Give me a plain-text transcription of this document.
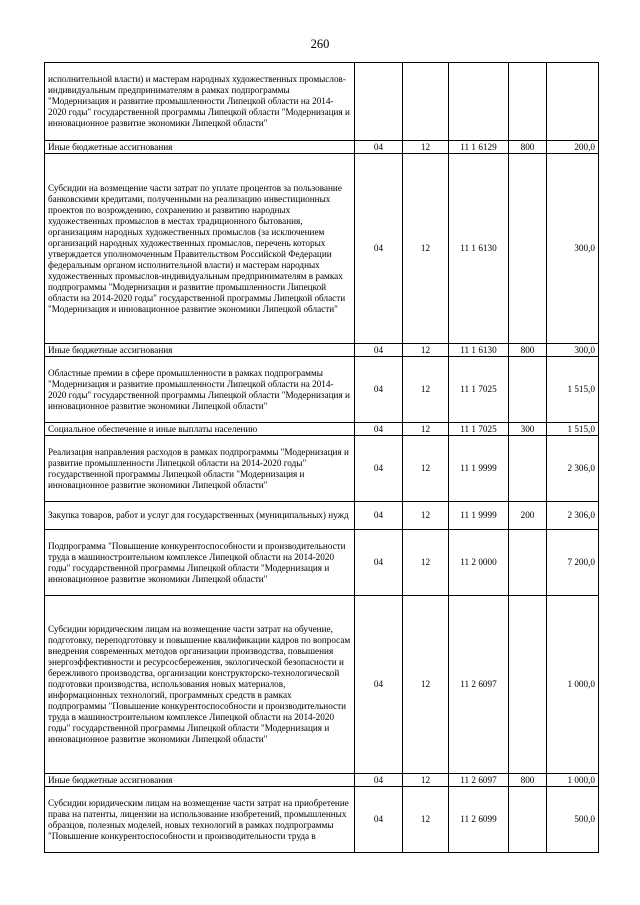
260
исполнительной власти) и мастерам народных художественных промыслов- индивидуальным предпринимателям в рамках подпрограммы "Модернизация и развитие промышленности Липецкой области на 2014-2020 годы" государственной программы Липецкой области "Модернизация и инновационное развитие экономики Липецкой области"					
Иные бюджетные ассигнования	04	12	11 1 6129	800	200,0
Субсидии на возмещение части затрат по уплате процентов за пользование банковскими кредитами, полученными на реализацию инвестиционных проектов по возрождению, сохранению и развитию народных художественных промыслов в местах традиционного бытования, организациям народных художественных промыслов (за исключением организаций народных художественных промыслов, перечень которых утверждается уполномоченным Правительством Российской Федерации федеральным органом исполнительной власти) и мастерам народных художественных промыслов-индивидуальным предпринимателям в рамках подпрограммы "Модернизация и развитие промышленности Липецкой области на 2014-2020 годы" государственной программы Липецкой области "Модернизация и инновационное развитие экономики Липецкой области"	04	12	11 1 6130		300,0
Иные бюджетные ассигнования	04	12	11 1 6130	800	300,0
Областные премии в сфере промышленности в рамках подпрограммы "Модернизация и развитие промышленности Липецкой области на 2014-2020 годы" государственной программы Липецкой области "Модернизация и инновационное развитие экономики Липецкой области"	04	12	11 1 7025		1 515,0
Социальное обеспечение и иные выплаты населению	04	12	11 1 7025	300	1 515,0
Реализация направления расходов в рамках подпрограммы "Модернизация и развитие промышленности Липецкой области на 2014-2020 годы" государственной программы Липецкой области "Модернизация и инновационное развитие экономики Липецкой области"	04	12	11 1 9999		2 306,0
Закупка товаров, работ и услуг для государственных (муниципальных) нужд	04	12	11 1 9999	200	2 306,0
Подпрограмма "Повышение конкурентоспособности и производительности труда в машиностроительном комплексе Липецкой области на 2014-2020 годы" государственной программы Липецкой области "Модернизация и инновационное развитие экономики Липецкой области"	04	12	11 2 0000		7 200,0
Субсидии юридическим лицам на возмещение части затрат на обучение, подготовку, переподготовку и повышение квалификации кадров по вопросам внедрения современных методов организации производства, повышения энергоэффективности и ресурсосбережения, экологической безопасности и бережливого производства, организации конструкторско-технологической подготовки производства, использования новых материалов, информационных технологий, программных средств в рамках подпрограммы "Повышение конкурентоспособности и производительности труда в машиностроительном комплексе Липецкой области на 2014-2020 годы" государственной программы Липецкой области "Модернизация и инновационное развитие экономики Липецкой области"	04	12	11 2 6097		1 000,0
Иные бюджетные ассигнования	04	12	11 2 6097	800	1 000,0
Субсидии юридическим лицам на возмещение части затрат на приобретение права на патенты, лицензии на использование изобретений, промышленных образцов, полезных моделей, новых технологий в рамках подпрограммы "Повышение конкурентоспособности и производительности труда в	04	12	11 2 6099		500,0
